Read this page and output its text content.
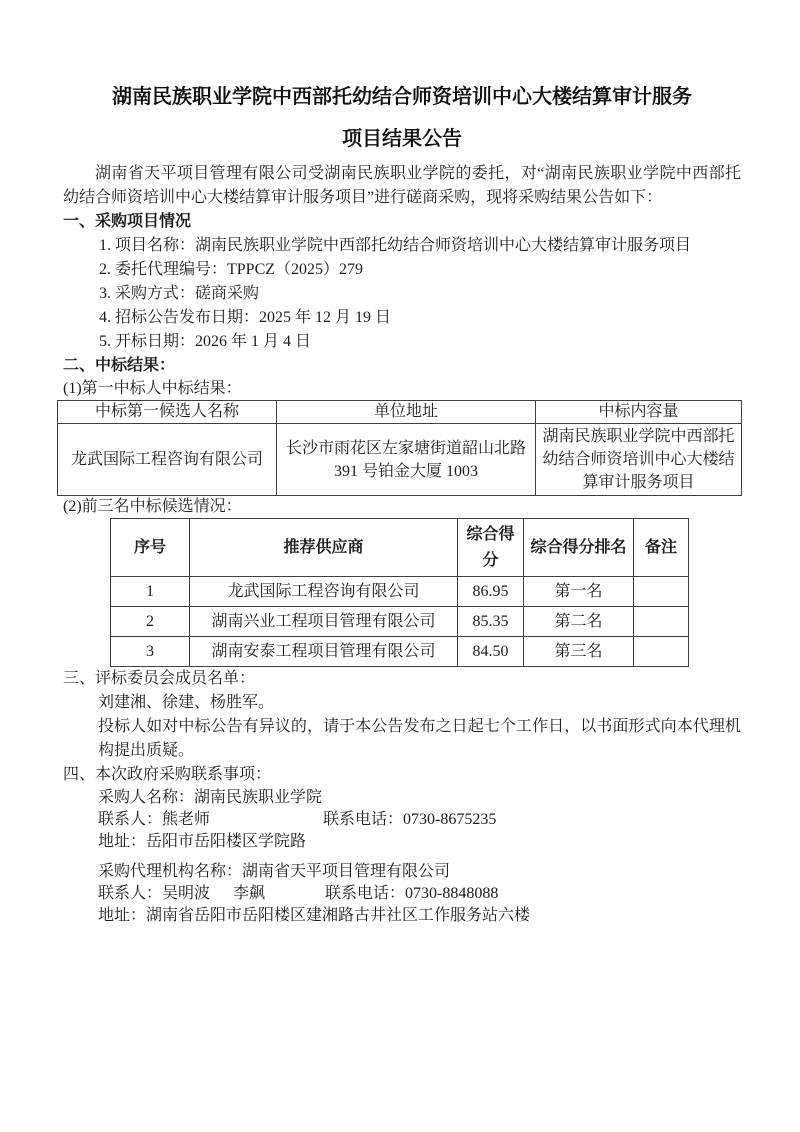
湖南民族职业学院中西部托幼结合师资培训中心大楼结算审计服务
项目结果公告

湖南省天平项目管理有限公司受湖南民族职业学院的委托，对“湖南民族职业学院中西部托幼结合师资培训中心大楼结算审计服务项目”进行磋商采购，现将采购结果公告如下：

一、采购项目情况
1. 项目名称：湖南民族职业学院中西部托幼结合师资培训中心大楼结算审计服务项目
2. 委托代理编号：TPPCZ（2025）279
3. 采购方式：磋商采购
4. 招标公告发布日期：2025 年 12 月 19 日
5. 开标日期：2026 年 1 月 4 日
二、中标结果：
(1)第一中标人中标结果：
中标第一候选人名称	单位地址	中标内容量
龙武国际工程咨询有限公司	长沙市雨花区左家塘街道韶山北路 391 号铂金大厦 1003	湖南民族职业学院中西部托幼结合师资培训中心大楼结算审计服务项目
(2)前三名中标候选情况：
序号	推荐供应商	综合得分	综合得分排名	备注
1	龙武国际工程咨询有限公司	86.95	第一名	
2	湖南兴业工程项目管理有限公司	85.35	第二名	
3	湖南安泰工程项目管理有限公司	84.50	第三名	
三、评标委员会成员名单：
刘建湘、徐建、杨胜军。

投标人如对中标公告有异议的，请于本公告发布之日起七个工作日，以书面形式向本代理机构提出质疑。

四、本次政府采购联系事项：
采购人名称：湖南民族职业学院
联系人：熊老师	联系电话：0730-8675235
地址：岳阳市岳阳楼区学院路
采购代理机构名称：湖南省天平项目管理有限公司
联系人：吴明波 李飙	联系电话：0730-8848088
地址：湖南省岳阳市岳阳楼区建湘路古井社区工作服务站六楼
